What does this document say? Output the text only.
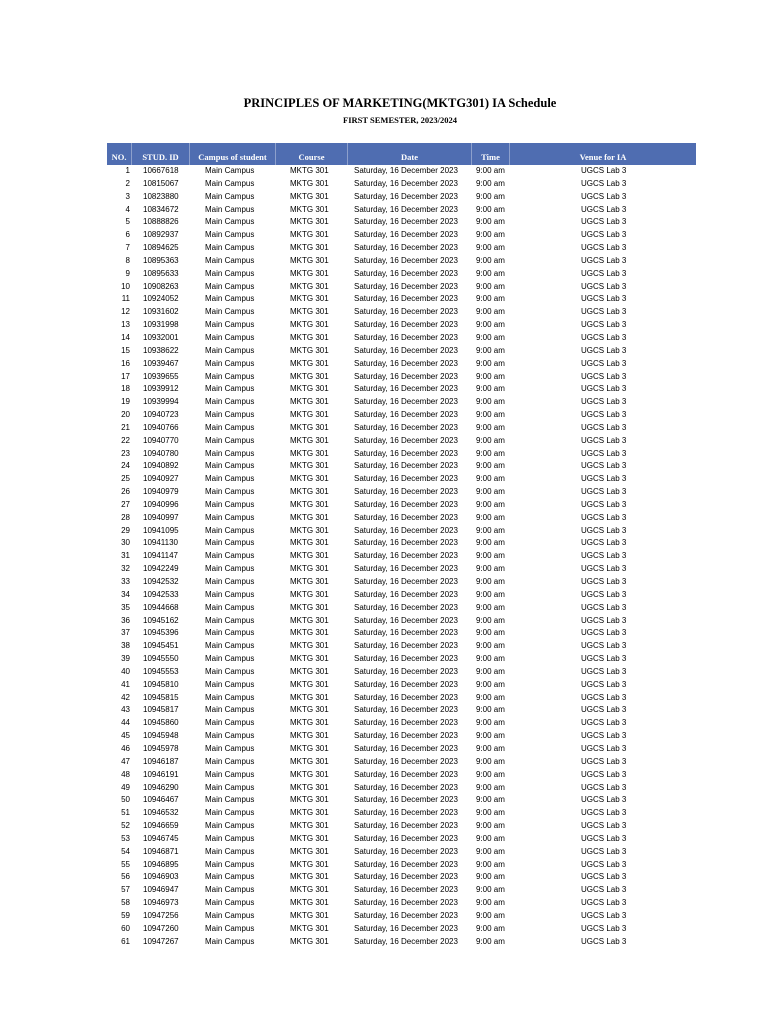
PRINCIPLES OF MARKETING(MKTG301) IA Schedule
FIRST SEMESTER, 2023/2024
NO.	STUD. ID	Campus of student	Course	Date	Time	Venue for IA
1 10667618	Main Campus	MKTG 301	Saturday, 16 December 2023 9:00 am	UGCS Lab 3
2 10815067	Main Campus	MKTG 301	Saturday, 16 December 2023 9:00 am	UGCS Lab 3
3 10823880	Main Campus	MKTG 301	Saturday, 16 December 2023 9:00 am	UGCS Lab 3
4 10834672	Main Campus	MKTG 301	Saturday, 16 December 2023 9:00 am	UGCS Lab 3
5 10888826	Main Campus	MKTG 301	Saturday, 16 December 2023 9:00 am	UGCS Lab 3
6 10892937	Main Campus	MKTG 301	Saturday, 16 December 2023 9:00 am	UGCS Lab 3
7 10894625	Main Campus	MKTG 301	Saturday, 16 December 2023 9:00 am	UGCS Lab 3
8 10895363	Main Campus	MKTG 301	Saturday, 16 December 2023 9:00 am	UGCS Lab 3
9 10895633	Main Campus	MKTG 301	Saturday, 16 December 2023 9:00 am	UGCS Lab 3
10 10908263	Main Campus	MKTG 301	Saturday, 16 December 2023 9:00 am	UGCS Lab 3
11 10924052	Main Campus	MKTG 301	Saturday, 16 December 2023 9:00 am	UGCS Lab 3
12 10931602	Main Campus	MKTG 301	Saturday, 16 December 2023 9:00 am	UGCS Lab 3
13 10931998	Main Campus	MKTG 301	Saturday, 16 December 2023 9:00 am	UGCS Lab 3
14 10932001	Main Campus	MKTG 301	Saturday, 16 December 2023 9:00 am	UGCS Lab 3
15 10938622	Main Campus	MKTG 301	Saturday, 16 December 2023 9:00 am	UGCS Lab 3
16 10939467	Main Campus	MKTG 301	Saturday, 16 December 2023 9:00 am	UGCS Lab 3
17 10939655	Main Campus	MKTG 301	Saturday, 16 December 2023 9:00 am	UGCS Lab 3
18 10939912	Main Campus	MKTG 301	Saturday, 16 December 2023 9:00 am	UGCS Lab 3
19 10939994	Main Campus	MKTG 301	Saturday, 16 December 2023 9:00 am	UGCS Lab 3
20 10940723	Main Campus	MKTG 301	Saturday, 16 December 2023 9:00 am	UGCS Lab 3
21 10940766	Main Campus	MKTG 301	Saturday, 16 December 2023 9:00 am	UGCS Lab 3
22 10940770	Main Campus	MKTG 301	Saturday, 16 December 2023 9:00 am	UGCS Lab 3
23 10940780	Main Campus	MKTG 301	Saturday, 16 December 2023 9:00 am	UGCS Lab 3
24 10940892	Main Campus	MKTG 301	Saturday, 16 December 2023 9:00 am	UGCS Lab 3
25 10940927	Main Campus	MKTG 301	Saturday, 16 December 2023 9:00 am	UGCS Lab 3
26 10940979	Main Campus	MKTG 301	Saturday, 16 December 2023 9:00 am	UGCS Lab 3
27 10940996	Main Campus	MKTG 301	Saturday, 16 December 2023 9:00 am	UGCS Lab 3
28 10940997	Main Campus	MKTG 301	Saturday, 16 December 2023 9:00 am	UGCS Lab 3
29 10941095	Main Campus	MKTG 301	Saturday, 16 December 2023 9:00 am	UGCS Lab 3
30 10941130	Main Campus	MKTG 301	Saturday, 16 December 2023 9:00 am	UGCS Lab 3
31 10941147	Main Campus	MKTG 301	Saturday, 16 December 2023 9:00 am	UGCS Lab 3
32 10942249	Main Campus	MKTG 301	Saturday, 16 December 2023 9:00 am	UGCS Lab 3
33 10942532	Main Campus	MKTG 301	Saturday, 16 December 2023 9:00 am	UGCS Lab 3
34 10942533	Main Campus	MKTG 301	Saturday, 16 December 2023 9:00 am	UGCS Lab 3
35 10944668	Main Campus	MKTG 301	Saturday, 16 December 2023 9:00 am	UGCS Lab 3
36 10945162	Main Campus	MKTG 301	Saturday, 16 December 2023 9:00 am	UGCS Lab 3
37 10945396	Main Campus	MKTG 301	Saturday, 16 December 2023 9:00 am	UGCS Lab 3
38 10945451	Main Campus	MKTG 301	Saturday, 16 December 2023 9:00 am	UGCS Lab 3
39 10945550	Main Campus	MKTG 301	Saturday, 16 December 2023 9:00 am	UGCS Lab 3
40 10945553	Main Campus	MKTG 301	Saturday, 16 December 2023 9:00 am	UGCS Lab 3
41 10945810	Main Campus	MKTG 301	Saturday, 16 December 2023 9:00 am	UGCS Lab 3
42 10945815	Main Campus	MKTG 301	Saturday, 16 December 2023 9:00 am	UGCS Lab 3
43 10945817	Main Campus	MKTG 301	Saturday, 16 December 2023 9:00 am	UGCS Lab 3
44 10945860	Main Campus	MKTG 301	Saturday, 16 December 2023 9:00 am	UGCS Lab 3
45 10945948	Main Campus	MKTG 301	Saturday, 16 December 2023 9:00 am	UGCS Lab 3
46 10945978	Main Campus	MKTG 301	Saturday, 16 December 2023 9:00 am	UGCS Lab 3
47 10946187	Main Campus	MKTG 301	Saturday, 16 December 2023 9:00 am	UGCS Lab 3
48 10946191	Main Campus	MKTG 301	Saturday, 16 December 2023 9:00 am	UGCS Lab 3
49 10946290	Main Campus	MKTG 301	Saturday, 16 December 2023 9:00 am	UGCS Lab 3
50 10946467	Main Campus	MKTG 301	Saturday, 16 December 2023 9:00 am	UGCS Lab 3
51 10946532	Main Campus	MKTG 301	Saturday, 16 December 2023 9:00 am	UGCS Lab 3
52 10946659	Main Campus	MKTG 301	Saturday, 16 December 2023 9:00 am	UGCS Lab 3
53 10946745	Main Campus	MKTG 301	Saturday, 16 December 2023 9:00 am	UGCS Lab 3
54 10946871	Main Campus	MKTG 301	Saturday, 16 December 2023 9:00 am	UGCS Lab 3
55 10946895	Main Campus	MKTG 301	Saturday, 16 December 2023 9:00 am	UGCS Lab 3
56 10946903	Main Campus	MKTG 301	Saturday, 16 December 2023 9:00 am	UGCS Lab 3
57 10946947	Main Campus	MKTG 301	Saturday, 16 December 2023 9:00 am	UGCS Lab 3
58 10946973	Main Campus	MKTG 301	Saturday, 16 December 2023 9:00 am	UGCS Lab 3
59 10947256	Main Campus	MKTG 301	Saturday, 16 December 2023 9:00 am	UGCS Lab 3
60 10947260	Main Campus	MKTG 301	Saturday, 16 December 2023 9:00 am	UGCS Lab 3
61 10947267	Main Campus	MKTG 301	Saturday, 16 December 2023 9:00 am	UGCS Lab 3
